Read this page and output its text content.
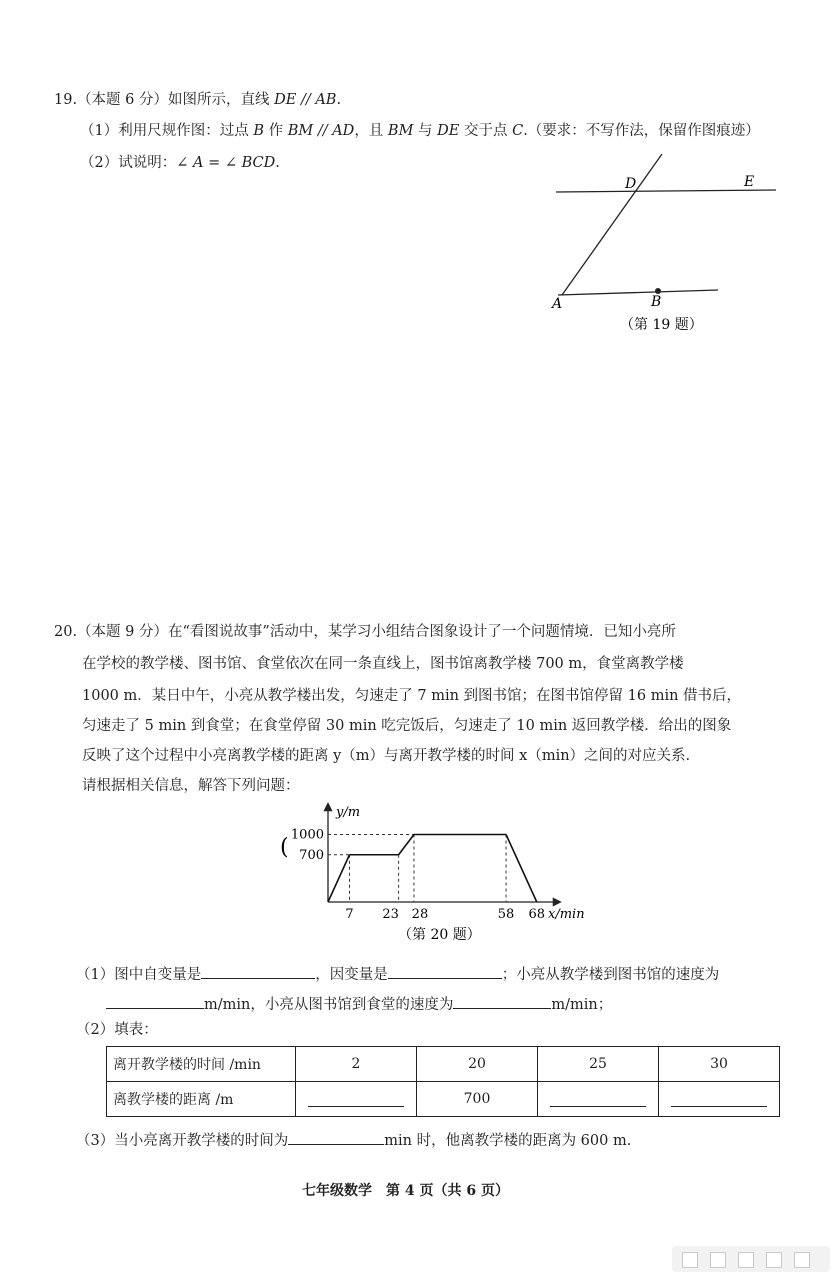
19.（本题 6 分）如图所示，直线 DE // AB.
（1）利用尺规作图：过点 B 作 BM // AD，且 BM 与 DE 交于点 C.（要求：不写作法，保留作图痕迹）
（2）试说明：∠ A = ∠ BCD.
D	E
A	B
（第 19 题）
20.（本题 9 分）在“看图说故事”活动中，某学习小组结合图象设计了一个问题情境．已知小亮所
在学校的教学楼、图书馆、食堂依次在同一条直线上，图书馆离教学楼 700 m，食堂离教学楼
1000 m．某日中午，小亮从教学楼出发，匀速走了 7 min 到图书馆；在图书馆停留 16 min 借书后，
匀速走了 5 min 到食堂；在食堂停留 30 min 吃完饭后，匀速走了 10 min 返回教学楼．给出的图象
反映了这个过程中小亮离教学楼的距离 y（m）与离开教学楼的时间 x（min）之间的对应关系.
请根据相关信息，解答下列问题：
y/m
x/min
( 700
1000
7 23 28	58 68
（第 20 题）
（1）图中自变量是	，因变量是	；小亮从教学楼到图书馆的速度为
m/min，小亮从图书馆到食堂的速度为	m/min；
（2）填表：
离开教学楼的时间 /min	2	20	25	30
离教学楼的距离 /m		700		
（3）当小亮离开教学楼的时间为	min 时，他离教学楼的距离为 600 m.
七年级数学　第 4 页（共 6 页）
